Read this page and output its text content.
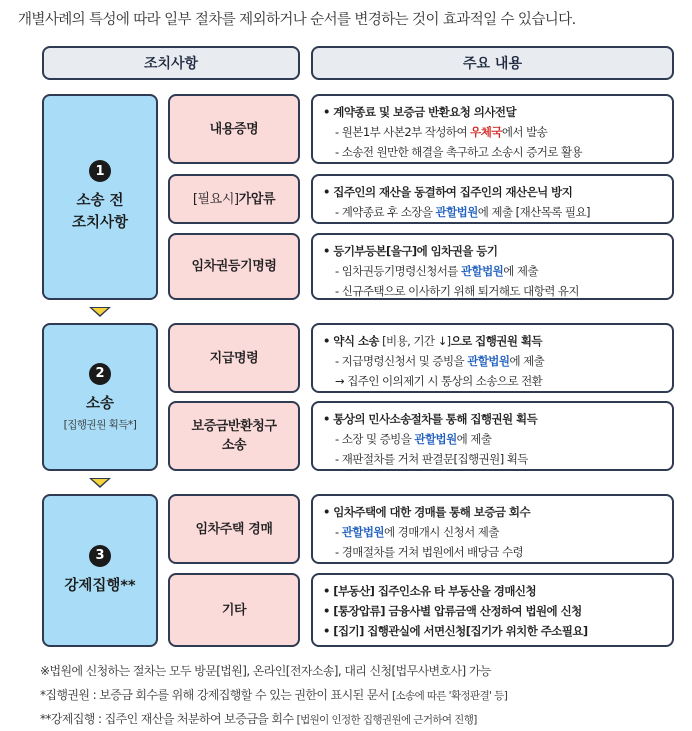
개별사례의 특성에 따라 일부 절차를 제외하거나 순서를 변경하는 것이 효과적일 수 있습니다.
조치사항	주요 내용
1
소송 전
조치사항
2
소송
[집행권원 획득*]
3
강제집행**
내용증명
• 계약종료 및 보증금 반환요청 의사전달
- 원본1부 사본2부 작성하여 우체국에서 발송
- 소송전 원만한 해결을 촉구하고 소송시 증거로 활용
[필요시]가압류
•	집주인의 재산을 동결하여 집주인의 재산은닉 방지
- 계약종료 후 소장을 관할법원에 제출 [재산목록 필요]
임차권등기명령
• 등기부등본[을구]에 임차권을 등기
- 임차권등기명령신청서를 관할법원에 제출
- 신규주택으로 이사하기 위해 퇴거해도 대항력 유지
지급명령
• 약식 소송 [비용, 기간 ↓]으로 집행권원 획득
- 지급명령신청서 및 증빙을 관할법원에 제출
→ 집주인 이의제기 시 통상의 소송으로 전환
보증금반환청구
소송
• 통상의 민사소송절차를 통해 집행권원 획득
- 소장 및 증빙을 관할법원에 제출
- 재판절차를 거쳐 판결문[집행권원] 획득
임차주택 경매
• 임차주택에 대한 경매를 통해 보증금 회수
- 관할법원에 경매개시 신청서 제출
- 경매절차를 거쳐 법원에서 배당금 수령
기타
• [부동산] 집주인소유 타 부동산을 경매신청
• [통장압류] 금융사별 압류금액 산정하여 법원에 신청
• [집기] 집행관실에 서면신청[집기가 위치한 주소필요]
※법원에 신청하는 절차는 모두 방문[법원], 온라인[전자소송], 대리 신청[법무사변호사] 가능
*집행권원 : 보증금 회수를 위해 강제집행할 수 있는 권한이 표시된 문서 [소송에 따른 '확정판결' 등]
**강제집행 : 집주인 재산을 처분하여 보증금을 회수 [법원이 인정한 집행권원에 근거하여 진행]
